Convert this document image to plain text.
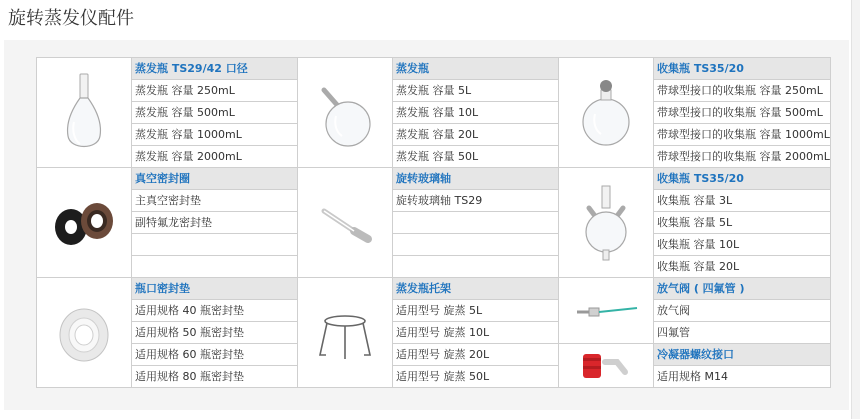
旋转蒸发仪配件
	蒸发瓶 TS29/42 口径		蒸发瓶		收集瓶 TS35/20
	蒸发瓶 容量 250mL		蒸发瓶 容量 5L		带球型接口的收集瓶 容量 250mL
	蒸发瓶 容量 500mL		蒸发瓶 容量 10L		带球型接口的收集瓶 容量 500mL
	蒸发瓶 容量 1000mL		蒸发瓶 容量 20L		带球型接口的收集瓶 容量 1000mL
	蒸发瓶 容量 2000mL		蒸发瓶 容量 50L		带球型接口的收集瓶 容量 2000mL

	真空密封圈		旋转玻璃轴		收集瓶 TS35/20
	主真空密封垫		旋转玻璃轴 TS29		收集瓶 容量 3L
	副特氟龙密封垫				收集瓶 容量 5L
					收集瓶 容量 10L
					收集瓶 容量 20L

	瓶口密封垫		蒸发瓶托架		放气阀 ( 四氟管 )
	适用规格 40 瓶密封垫		适用型号 旋蒸 5L		放气阀
	适用规格 50 瓶密封垫		适用型号 旋蒸 10L		四氟管
	适用规格 60 瓶密封垫		适用型号 旋蒸 20L		冷凝器螺纹接口
	适用规格 80 瓶密封垫		适用型号 旋蒸 50L		适用规格 M14
